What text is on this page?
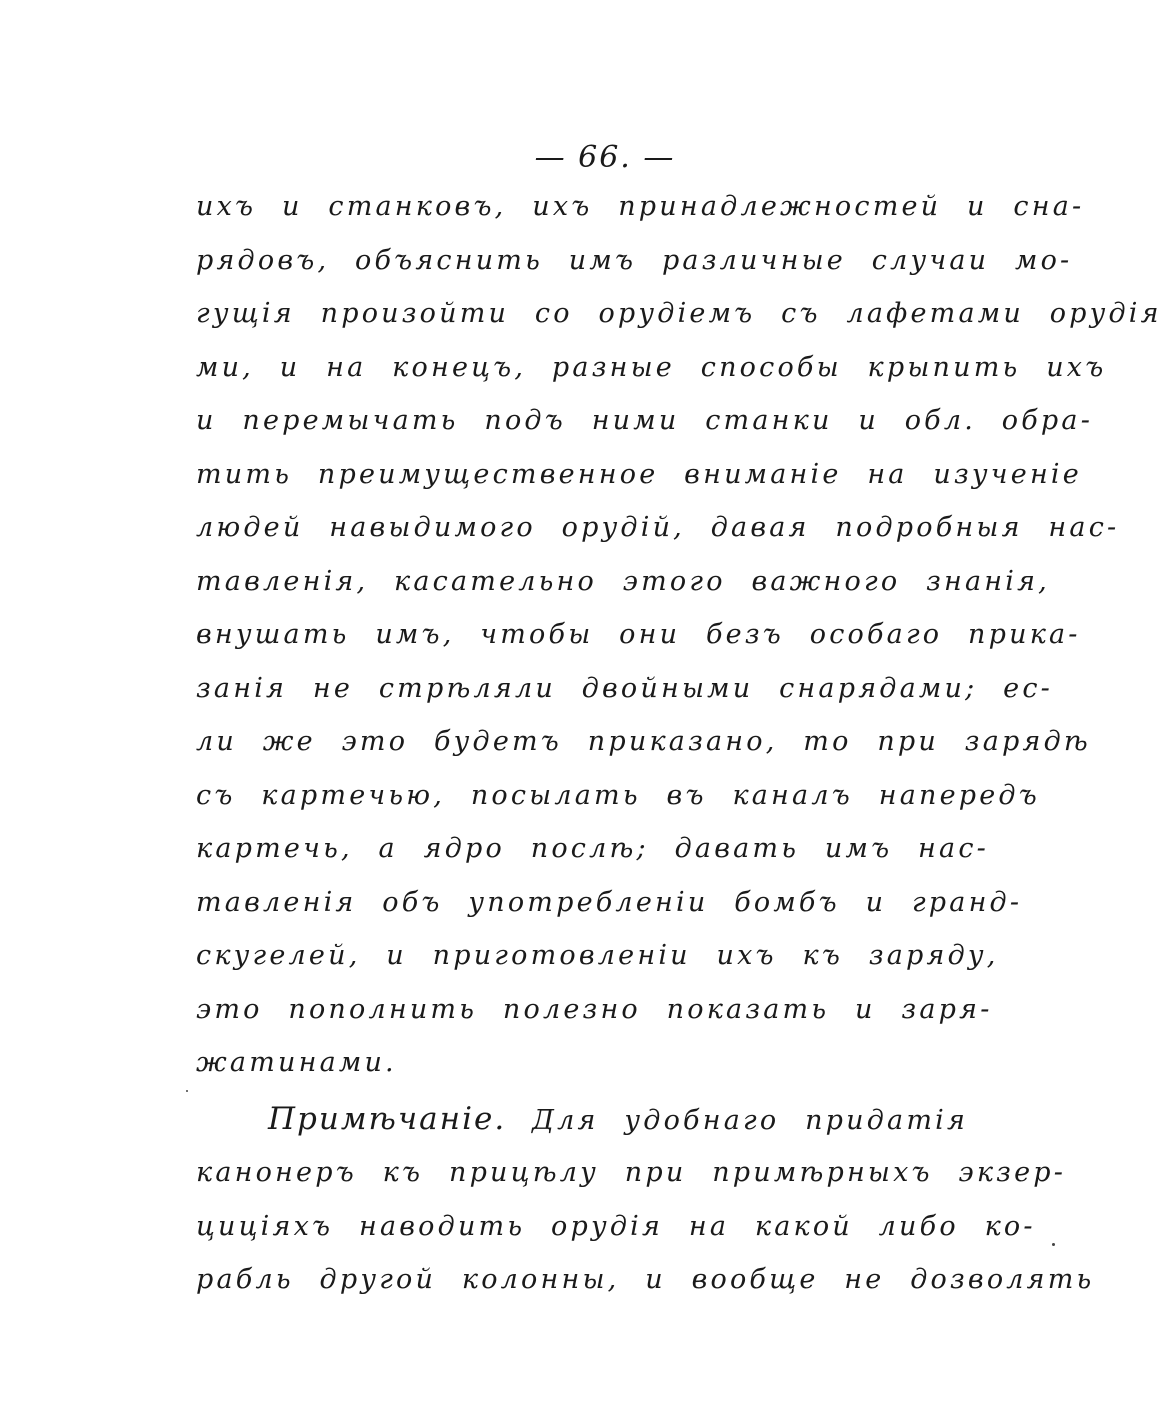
— 66. —
ихъ и станковъ, ихъ принадлежностей и сна-
рядовъ, объяснить имъ различные случаи мо-
гущія произойти со орудіемъ съ лафетами орудія
ми, и на конецъ, разные способы крыпить ихъ
и перемычать подъ ними станки и обл. обра-
тить преимущественное вниманіе на изученіе
людей навыдимого орудій, давая подробныя нас-
тавленія, касательно этого важного знанія,
внушать имъ, чтобы они безъ особаго прика-
занія не стрѣляли двойными снарядами; ес-
ли же это будетъ приказано, то при зарядѣ
съ картечью, посылать въ каналъ напередъ
картечь, а ядро послѣ; давать имъ нас-
тавленія объ употребленіи бомбъ и гранд-
скугелей, и приготовленіи ихъ къ заряду,
это пополнить полезно показать и заря-
жатинами.
Примѣчаніе. Для удобнаго придатія
канонеръ къ прицѣлу при примѣрныхъ экзер-
цицiяхъ наводить орудія на какой либо ко-
рабль другой колонны, и вообще не дозволять
